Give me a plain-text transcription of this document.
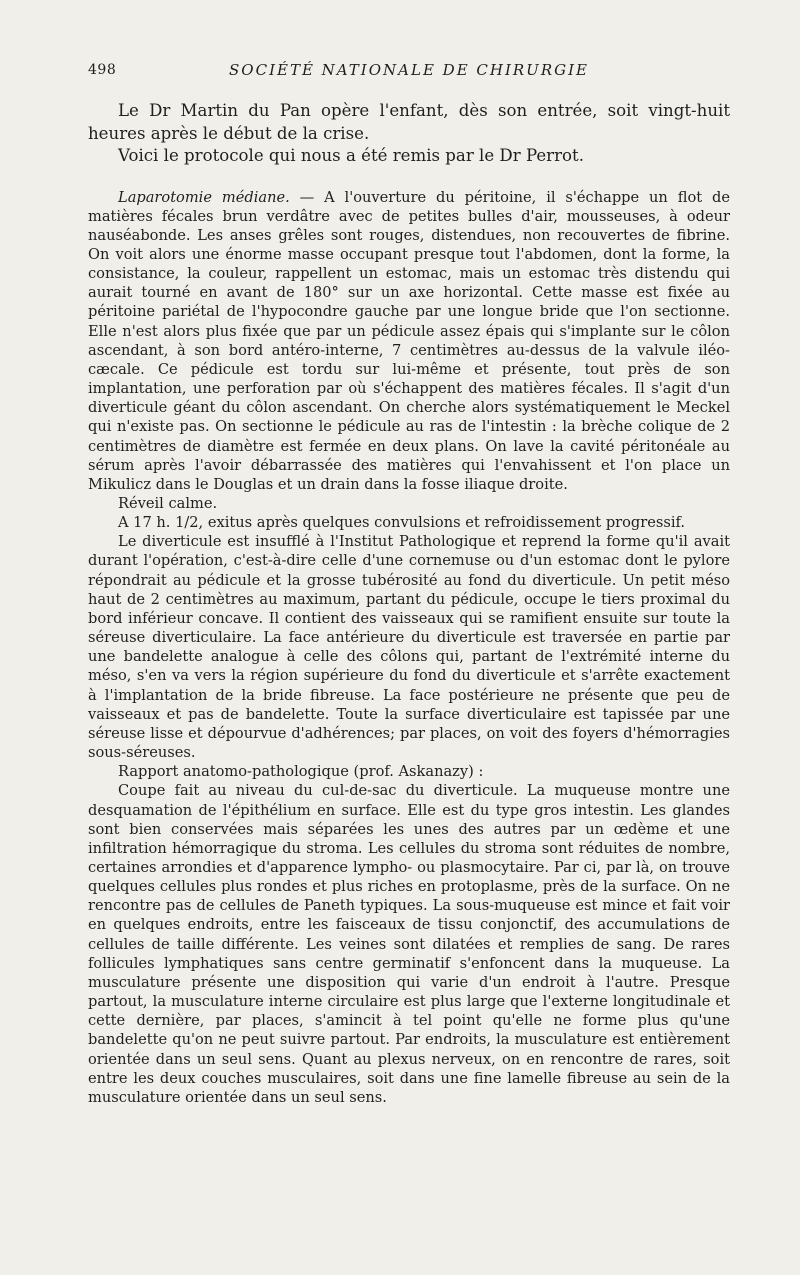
498	SOCIÉTÉ NATIONALE DE CHIRURGIE

Le Dr Martin du Pan opère l'enfant, dès son entrée, soit vingt-huit heures après le début de la crise.

Voici le protocole qui nous a été remis par le Dr Perrot.

Laparotomie médiane. — A l'ouverture du péritoine, il s'échappe un flot de matières fécales brun verdâtre avec de petites bulles d'air, mousseuses, à odeur nauséabonde. Les anses grêles sont rouges, distendues, non recouvertes de fibrine. On voit alors une énorme masse occupant presque tout l'abdomen, dont la forme, la consistance, la couleur, rappellent un estomac, mais un estomac très distendu qui aurait tourné en avant de 180° sur un axe horizontal. Cette masse est fixée au péritoine pariétal de l'hypocondre gauche par une longue bride que l'on sectionne. Elle n'est alors plus fixée que par un pédicule assez épais qui s'implante sur le côlon ascendant, à son bord antéro-interne, 7 centimètres au-dessus de la valvule iléo-cæcale. Ce pédicule est tordu sur lui-même et présente, tout près de son implantation, une perforation par où s'échappent des matières fécales. Il s'agit d'un diverticule géant du côlon ascendant. On cherche alors systématiquement le Meckel qui n'existe pas. On sectionne le pédicule au ras de l'intestin : la brèche colique de 2 centimètres de diamètre est fermée en deux plans. On lave la cavité péritonéale au sérum après l'avoir débarrassée des matières qui l'envahissent et l'on place un Mikulicz dans le Douglas et un drain dans la fosse iliaque droite.

Réveil calme.

A 17 h. 1/2, exitus après quelques convulsions et refroidissement progressif.

Le diverticule est insufflé à l'Institut Pathologique et reprend la forme qu'il avait durant l'opération, c'est-à-dire celle d'une cornemuse ou d'un estomac dont le pylore répondrait au pédicule et la grosse tubérosité au fond du diverticule. Un petit méso haut de 2 centimètres au maximum, partant du pédicule, occupe le tiers proximal du bord inférieur concave. Il contient des vaisseaux qui se ramifient ensuite sur toute la séreuse diverticulaire. La face antérieure du diverticule est traversée en partie par une bandelette analogue à celle des côlons qui, partant de l'extrémité interne du méso, s'en va vers la région supérieure du fond du diverticule et s'arrête exactement à l'implantation de la bride fibreuse. La face postérieure ne présente que peu de vaisseaux et pas de bandelette. Toute la surface diverticulaire est tapissée par une séreuse lisse et dépourvue d'adhérences; par places, on voit des foyers d'hémorragies sous-séreuses.

Rapport anatomo-pathologique (prof. Askanazy) :

Coupe fait au niveau du cul-de-sac du diverticule. La muqueuse montre une desquamation de l'épithélium en surface. Elle est du type gros intestin. Les glandes sont bien conservées mais séparées les unes des autres par un œdème et une infiltration hémorragique du stroma. Les cellules du stroma sont réduites de nombre, certaines arrondies et d'apparence lympho- ou plasmocytaire. Par ci, par là, on trouve quelques cellules plus rondes et plus riches en protoplasme, près de la surface. On ne rencontre pas de cellules de Paneth typiques. La sous-muqueuse est mince et fait voir en quelques endroits, entre les faisceaux de tissu conjonctif, des accumulations de cellules de taille différente. Les veines sont dilatées et remplies de sang. De rares follicules lymphatiques sans centre germinatif s'enfoncent dans la muqueuse. La musculature présente une disposition qui varie d'un endroit à l'autre. Presque partout, la musculature interne circulaire est plus large que l'externe longitudinale et cette dernière, par places, s'amincit à tel point qu'elle ne forme plus qu'une bandelette qu'on ne peut suivre partout. Par endroits, la musculature est entièrement orientée dans un seul sens. Quant au plexus nerveux, on en rencontre de rares, soit entre les deux couches musculaires, soit dans une fine lamelle fibreuse au sein de la musculature orientée dans un seul sens.
